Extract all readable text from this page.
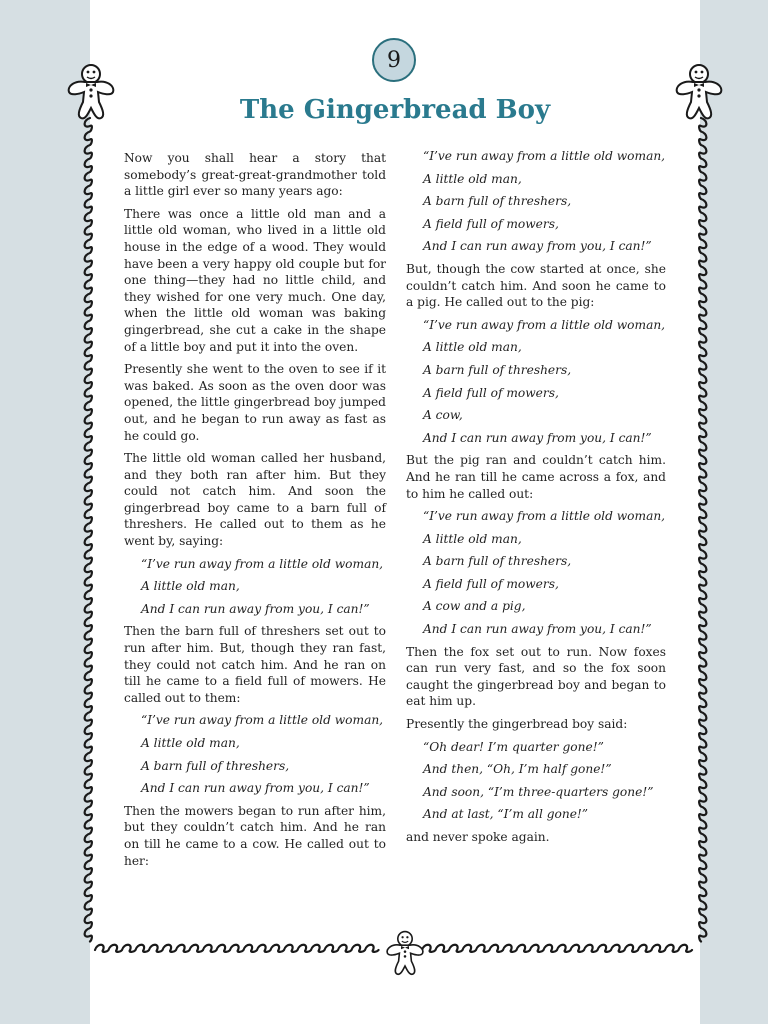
9
The Gingerbread Boy

Now you shall hear a story that somebody’s great-great-grandmother told a little girl ever so many years ago:

There was once a little old man and a little old woman, who lived in a little old house in the edge of a wood. They would have been a very happy old couple but for one thing—they had no little child, and they wished for one very much. One day, when the little old woman was baking gingerbread, she cut a cake in the shape of a little boy and put it into the oven.

Presently she went to the oven to see if it was baked. As soon as the oven door was opened, the little gingerbread boy jumped out, and he began to run away as fast as he could go.

The little old woman called her husband, and they both ran after him. But they could not catch him. And soon the gingerbread boy came to a barn full of threshers. He called out to them as he went by, saying:

“I’ve run away from a little old woman,
A little old man,
And I can run away from you, I can!”

Then the barn full of threshers set out to run after him. But, though they ran fast, they could not catch him. And he ran on till he came to a field full of mowers. He called out to them:

“I’ve run away from a little old woman,
A little old man,
A barn full of threshers,
And I can run away from you, I can!”

Then the mowers began to run after him, but they couldn’t catch him. And he ran on till he came to a cow. He called out to her:

“I’ve run away from a little old woman,
A little old man,
A barn full of threshers,
A field full of mowers,
And I can run away from you, I can!”

But, though the cow started at once, she couldn’t catch him. And soon he came to a pig. He called out to the pig:

“I’ve run away from a little old woman,
A little old man,
A barn full of threshers,
A field full of mowers,
A cow,
And I can run away from you, I can!”

But the pig ran and couldn’t catch him. And he ran till he came across a fox, and to him he called out:

“I’ve run away from a little old woman,
A little old man,
A barn full of threshers,
A field full of mowers,
A cow and a pig,
And I can run away from you, I can!”

Then the fox set out to run. Now foxes can run very fast, and so the fox soon caught the gingerbread boy and began to eat him up.

Presently the gingerbread boy said:

“Oh dear! I’m quarter gone!”
And then, “Oh, I’m half gone!”
And soon, “I’m three-quarters gone!”
And at last, “I’m all gone!”

and never spoke again.
